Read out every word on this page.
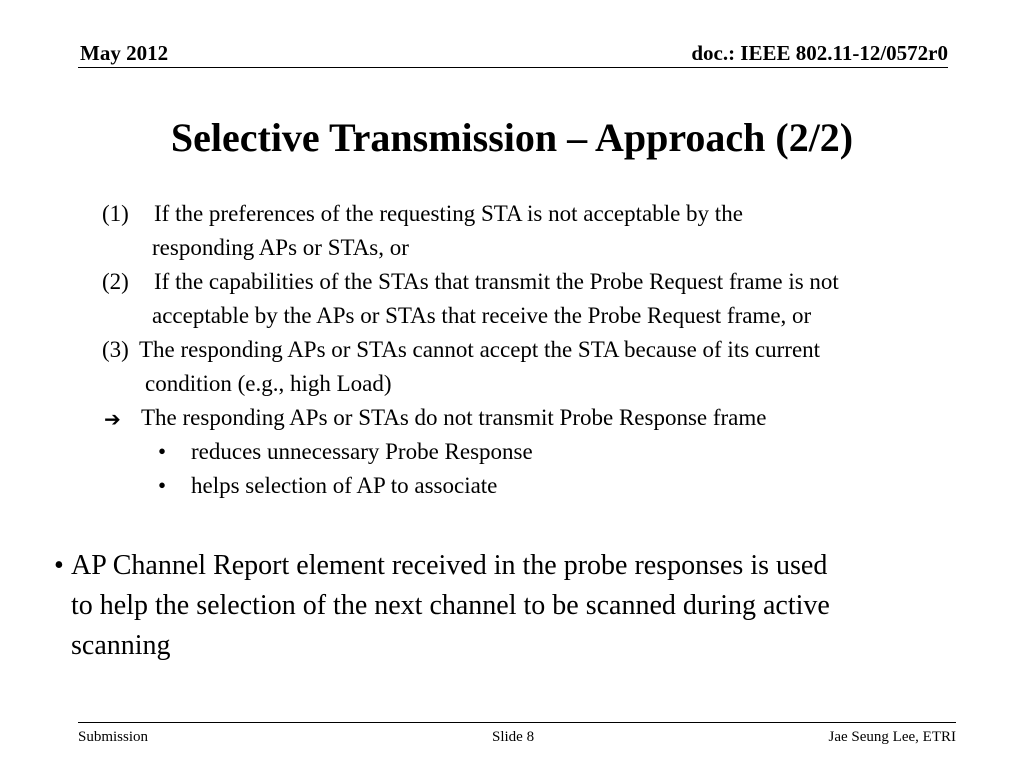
May 2012	doc.: IEEE 802.11-12/0572r0
Selective Transmission – Approach (2/2)
(1) If the preferences of the requesting STA is not acceptable by the
responding APs or STAs, or
(2) If the capabilities of the STAs that transmit the Probe Request frame is not
acceptable by the APs or STAs that receive the Probe Request frame, or
(3) The responding APs or STAs cannot accept the STA because of its current
condition (e.g., high Load)
➔ The responding APs or STAs do not transmit Probe Response frame
• reduces unnecessary Probe Response
• helps selection of AP to associate
• AP Channel Report element received in the probe responses is used
to help the selection of the next channel to be scanned during active
scanning
Submission	Slide 8	Jae Seung Lee, ETRI
